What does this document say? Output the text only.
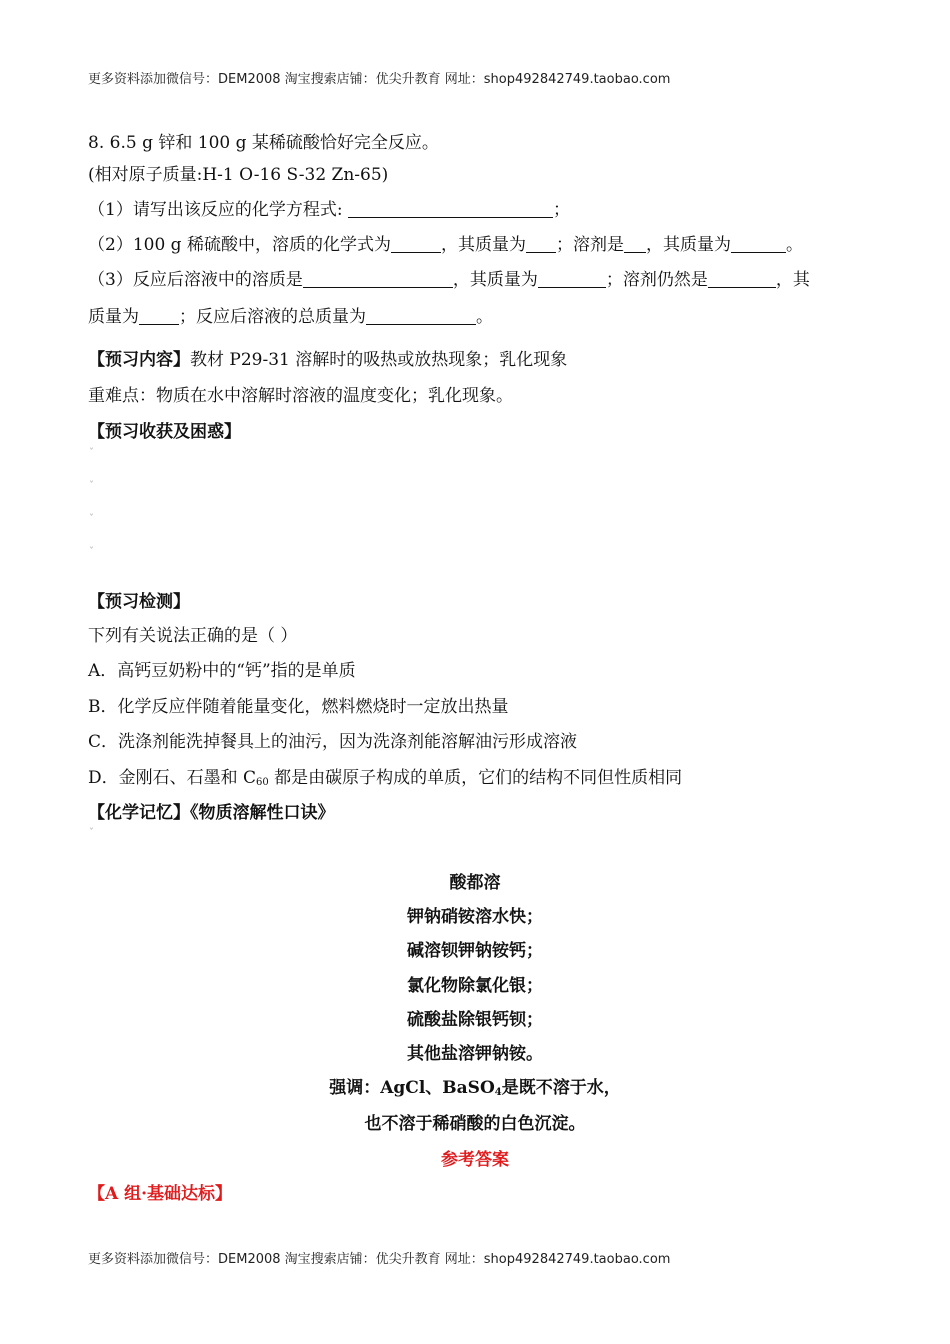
更多资料添加微信号：DEM2008 淘宝搜索店铺：优尖升教育 网址：shop492842749.taobao.com
8. 6.5 g 锌和 100 g 某稀硫酸恰好完全反应。
(相对原子质量:H-1 O-16 S-32 Zn-65)
（1）请写出该反应的化学方程式:	；
（2）100 g 稀硫酸中，溶质的化学式为	，其质量为 ；溶剂是 ，其质量为	。
（3）反应后溶液中的溶质是	，其质量为	；溶剂仍然是	，其
质量为 ；反应后溶液的总质量为	。
【预习内容】教材 P29-31 溶解时的吸热或放热现象；乳化现象
重难点：物质在水中溶解时溶液的温度变化；乳化现象。
【预习收获及困惑】
ˇ
ˇ
ˇ
ˇ
【预习检测】
下列有关说法正确的是（ ）
A．高钙豆奶粉中的“钙”指的是单质
B．化学反应伴随着能量变化，燃料燃烧时一定放出热量
C．洗涤剂能洗掉餐具上的油污，因为洗涤剂能溶解油污形成溶液
D．金刚石、石墨和 $C_{60}$ 都是由碳原子构成的单质，它们的结构不同但性质相同
【化学记忆】《物质溶解性口诀》
ˇ
酸都溶
钾钠硝铵溶水快；
碱溶钡钾钠铵钙；
氯化物除氯化银；
硫酸盐除银钙钡；
其他盐溶钾钠铵。
强调：AgCl、BaSO$_4$是既不溶于水，
也不溶于稀硝酸的白色沉淀。
参考答案
【A 组·基础达标】
更多资料添加微信号：DEM2008 淘宝搜索店铺：优尖升教育 网址：shop492842749.taobao.com
